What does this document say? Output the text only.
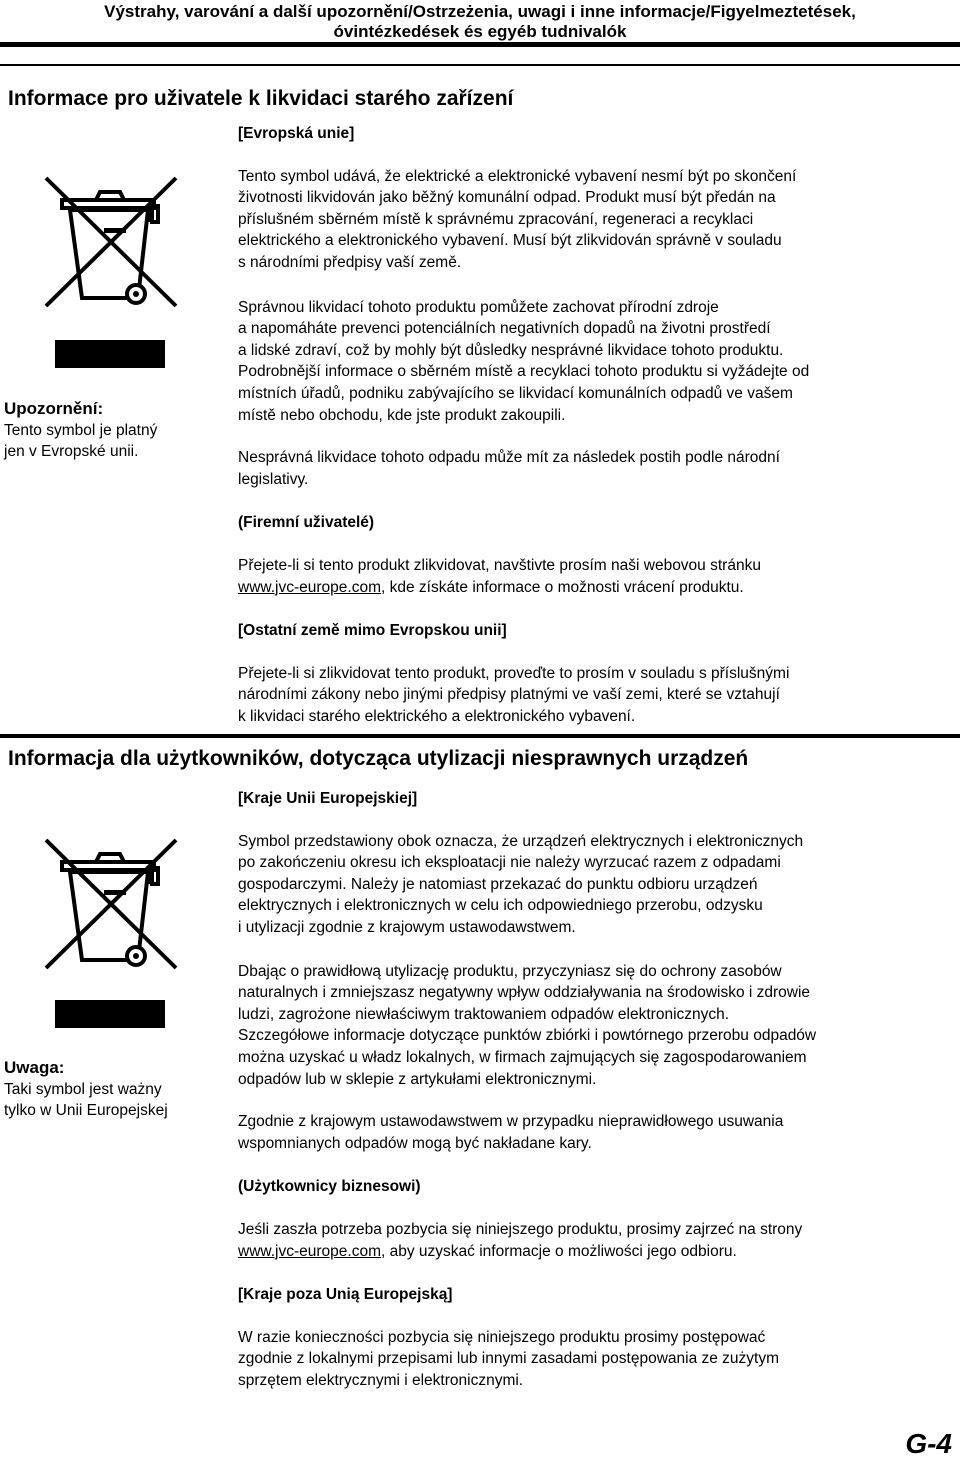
Výstrahy, varování a další upozornění/Ostrzeżenia, uwagi i inne informacje/Figyelmeztetések,
óvintézkedések és egyéb tudnivalók
Informace pro uživatele k likvidaci starého zařízení
Upozornění:
Tento symbol je platný
jen v Evropské unii.

[Evropská unie]

Tento symbol udává, že elektrické a elektronické vybavení nesmí být po skončení

životnosti likvidován jako běžný komunální odpad. Produkt musí být předán na

příslušném sběrném místě k správnému zpracování, regeneraci a recyklaci

elektrického a elektronického vybavení. Musí být zlikvidován správně v souladu

s národními předpisy vaší země.

Správnou likvidací tohoto produktu pomůžete zachovat přírodní zdroje

a napomáháte prevenci potenciálních negativních dopadů na životni prostředí

a lidské zdraví, což by mohly být důsledky nesprávné likvidace tohoto produktu.

Podrobnější informace o sběrném místě a recyklaci tohoto produktu si vyžádejte od

místních úřadů, podniku zabývajícího se likvidací komunálních odpadů ve vašem

místě nebo obchodu, kde jste produkt zakoupili.

Nesprávná likvidace tohoto odpadu může mít za následek postih podle národní

legislativy.

(Firemní uživatelé)

Přejete-li si tento produkt zlikvidovat, navštivte prosím naši webovou stránku

www.jvc-europe.com, kde získáte informace o možnosti vrácení produktu.

[Ostatní země mimo Evropskou unii]

Přejete-li si zlikvidovat tento produkt, proveďte to prosím v souladu s příslušnými

národními zákony nebo jinými předpisy platnými ve vaší zemi, které se vztahují

k likvidaci starého elektrického a elektronického vybavení.

Informacja dla użytkowników, dotycząca utylizacji niesprawnych urządzeń
Uwaga:
Taki symbol jest ważny
tylko w Unii Europejskej

[Kraje Unii Europejskiej]

Symbol przedstawiony obok oznacza, że urządzeń elektrycznych i elektronicznych

po zakończeniu okresu ich eksploatacji nie należy wyrzucać razem z odpadami

gospodarczymi. Należy je natomiast przekazać do punktu odbioru urządzeń

elektrycznych i elektronicznych w celu ich odpowiedniego przerobu, odzysku

i utylizacji zgodnie z krajowym ustawodawstwem.

Dbając o prawidłową utylizację produktu, przyczyniasz się do ochrony zasobów

naturalnych i zmniejszasz negatywny wpływ oddziaływania na środowisko i zdrowie

ludzi, zagrożone niewłaściwym traktowaniem odpadów elektronicznych.

Szczegółowe informacje dotyczące punktów zbiórki i powtórnego przerobu odpadów

można uzyskać u władz lokalnych, w firmach zajmujących się zagospodarowaniem

odpadów lub w sklepie z artykułami elektronicznymi.

Zgodnie z krajowym ustawodawstwem w przypadku nieprawidłowego usuwania

wspomnianych odpadów mogą być nakładane kary.

(Użytkownicy biznesowi)

Jeśli zaszła potrzeba pozbycia się niniejszego produktu, prosimy zajrzeć na strony

www.jvc-europe.com, aby uzyskać informacje o możliwości jego odbioru.

[Kraje poza Unią Europejską]

W razie konieczności pozbycia się niniejszego produktu prosimy postępować

zgodnie z lokalnymi przepisami lub innymi zasadami postępowania ze zużytym

sprzętem elektrycznymi i elektronicznymi.

G-4
